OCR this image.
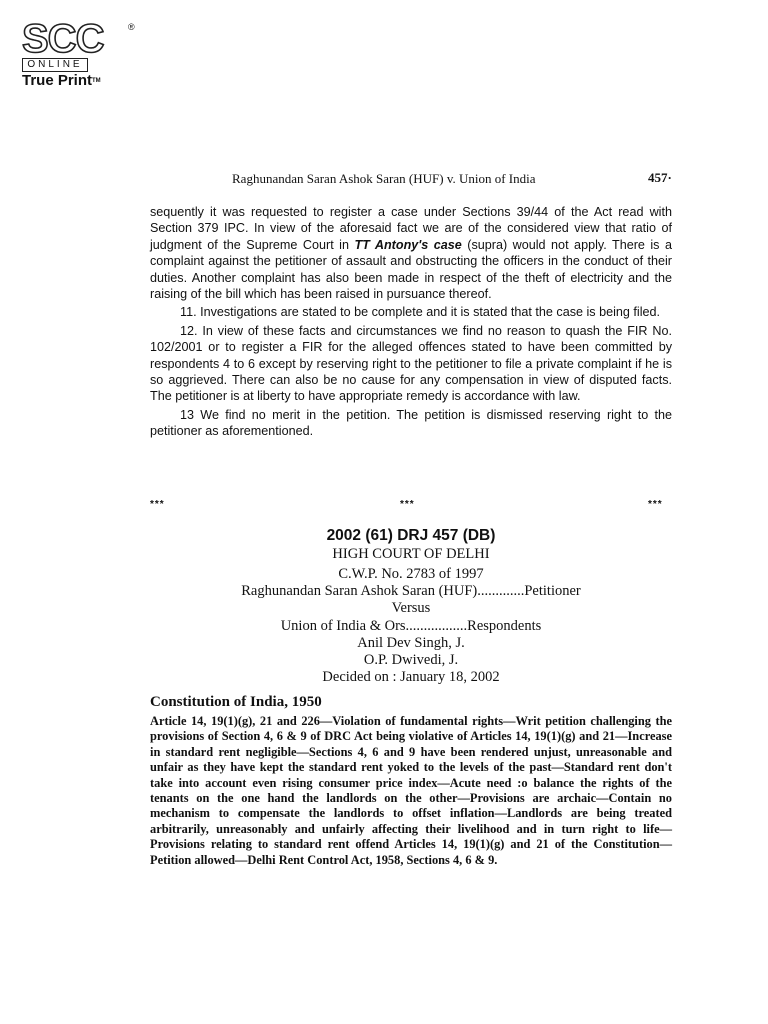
SCC	®
ONLINE
True Print™
Raghunandan Saran Ashok Saran (HUF) v. Union of India	457·

sequently it was requested to register a case under Sections 39/44 of the Act read with Section 379 IPC. In view of the aforesaid fact we are of the considered view that ratio of judgment of the Supreme Court in TT Antony's case (supra) would not apply. There is a complaint against the petitioner of assault and obstructing the officers in the conduct of their duties. Another complaint has also been made in respect of the theft of electricity and the raising of the bill which has been raised in pursuance thereof.

11. Investigations are stated to be complete and it is stated that the case is being filed.

12. In view of these facts and circumstances we find no reason to quash the FIR No. 102/2001 or to register a FIR for the alleged offences stated to have been committed by respondents 4 to 6 except by reserving right to the petitioner to file a private complaint if he is so aggrieved. There can also be no cause for any compensation in view of disputed facts. The petitioner is at liberty to have appropriate remedy is accordance with law.

13 We find no merit in the petition. The petition is dismissed reserving right to the petitioner as aforementioned.

***	***	***
2002 (61) DRJ 457 (DB)
HIGH COURT OF DELHI
C.W.P. No. 2783 of 1997
Raghunandan Saran Ashok Saran (HUF).............Petitioner
Versus
Union of India & Ors.................Respondents
Anil Dev Singh, J.
O.P. Dwivedi, J.
Decided on : January 18, 2002
Constitution of India, 1950
Article 14, 19(1)(g), 21 and 226—Violation of fundamental rights—Writ petition challenging the provisions of Section 4, 6 & 9 of DRC Act being violative of Articles 14, 19(1)(g) and 21—Increase in standard rent negligible—Sections 4, 6 and 9 have been rendered unjust, unreasonable and unfair as they have kept the standard rent yoked to the levels of the past—Standard rent don't take into account even rising consumer price index—Acute need :o balance the rights of the tenants on the one hand the landlords on the other—Provisions are archaic—Contain no mechanism to compensate the landlords to offset inflation—Landlords are being treated arbitrarily, unreasonably and unfairly affecting their livelihood and in turn right to life—Provisions relating to standard rent offend Articles 14, 19(1)(g) and 21 of the Constitution—Petition allowed—Delhi Rent Control Act, 1958, Sections 4, 6 & 9.
